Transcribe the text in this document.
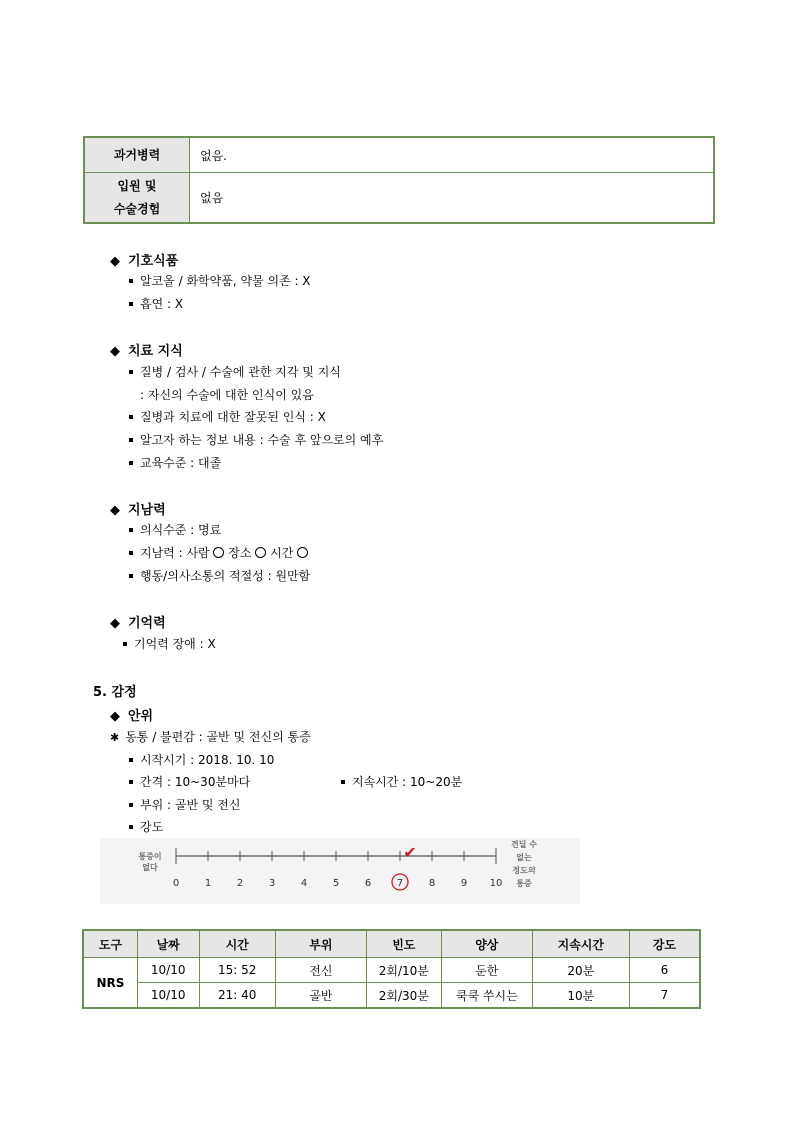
과거병력	없음.

입원 및
수술경험	없음
◆ 기호식품
알코올 / 화학약품, 약물 의존 : X
흡연 : X
◆ 치료 지식
질병 / 검사 / 수술에 관한 지각 및 지식
: 자신의 수술에 대한 인식이 있음
질병과 치료에 대한 잘못된 인식 : X
알고자 하는 정보 내용 : 수술 후 앞으로의 예후
교육수준 : 대졸
◆ 지남력
의식수준 : 명료
지남력 : 사람 장소 시간
행동/의사소통의 적절성 : 원만함
◆ 기억력
기억력 장애 : X
5. 감정
◆ 안위
✱ 동통 / 불편감 : 골반 및 전신의 통증
시작시기 : 2018. 10. 10
간격 : 10~30분마다	지속시간 : 10~20분
부위 : 골반 및 전신
강도
통증이
없다
견딜 수
없는
정도의
통증
0	1	2	3	4	5	6	7
✔
8	9 10
도구	날짜	시간	부위	빈도	양상	지속시간	강도
NRS	10/10	15: 52	전신	2회/10분	둔한	20분	6
	10/10	21: 40	골반	2회/30분	쿡쿡 쑤시는	10분	7
